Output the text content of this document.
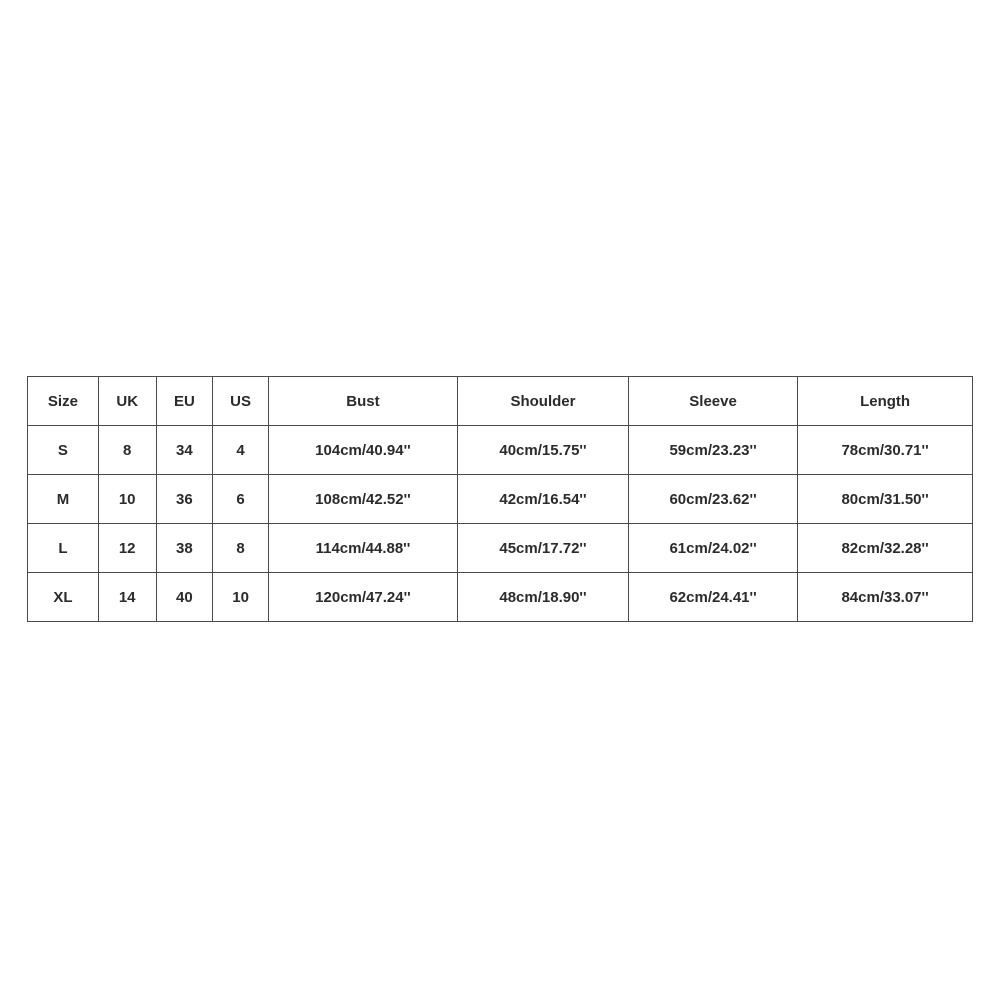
Size	UK	EU	US	Bust	Shoulder	Sleeve	Length
S	8	34	4	104cm/40.94''	40cm/15.75''	59cm/23.23''	78cm/30.71''
M	10	36	6	108cm/42.52''	42cm/16.54''	60cm/23.62''	80cm/31.50''
L	12	38	8	114cm/44.88''	45cm/17.72''	61cm/24.02''	82cm/32.28''
XL	14	40	10	120cm/47.24''	48cm/18.90''	62cm/24.41''	84cm/33.07''
